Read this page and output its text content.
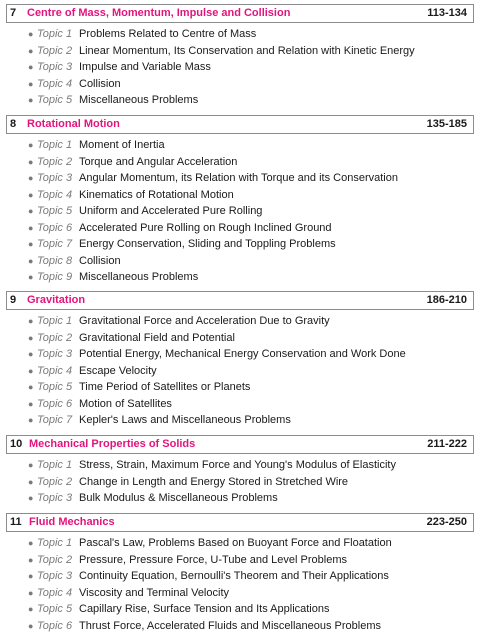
7 Centre of Mass, Momentum, Impulse and Collision	113-134
● Topic 1 Problems Related to Centre of Mass
● Topic 2 Linear Momentum, Its Conservation and Relation with Kinetic Energy
● Topic 3 Impulse and Variable Mass
● Topic 4 Collision
● Topic 5 Miscellaneous Problems
8 Rotational Motion	135-185
● Topic 1 Moment of Inertia
● Topic 2 Torque and Angular Acceleration
● Topic 3 Angular Momentum, its Relation with Torque and its Conservation
● Topic 4 Kinematics of Rotational Motion
● Topic 5 Uniform and Accelerated Pure Rolling
● Topic 6 Accelerated Pure Rolling on Rough Inclined Ground
● Topic 7 Energy Conservation, Sliding and Toppling Problems
● Topic 8 Collision
● Topic 9 Miscellaneous Problems
9 Gravitation	186-210
● Topic 1 Gravitational Force and Acceleration Due to Gravity
● Topic 2 Gravitational Field and Potential
● Topic 3 Potential Energy, Mechanical Energy Conservation and Work Done
● Topic 4 Escape Velocity
● Topic 5 Time Period of Satellites or Planets
● Topic 6 Motion of Satellites
● Topic 7 Kepler's Laws and Miscellaneous Problems
10 Mechanical Properties of Solids	211-222
● Topic 1 Stress, Strain, Maximum Force and Young's Modulus of Elasticity
● Topic 2 Change in Length and Energy Stored in Stretched Wire
● Topic 3 Bulk Modulus & Miscellaneous Problems
11 Fluid Mechanics	223-250
● Topic 1 Pascal's Law, Problems Based on Buoyant Force and Floatation
● Topic 2 Pressure, Pressure Force, U-Tube and Level Problems
● Topic 3 Continuity Equation, Bernoulli's Theorem and Their Applications
● Topic 4 Viscosity and Terminal Velocity
● Topic 5 Capillary Rise, Surface Tension and Its Applications
● Topic 6 Thrust Force, Accelerated Fluids and Miscellaneous Problems
